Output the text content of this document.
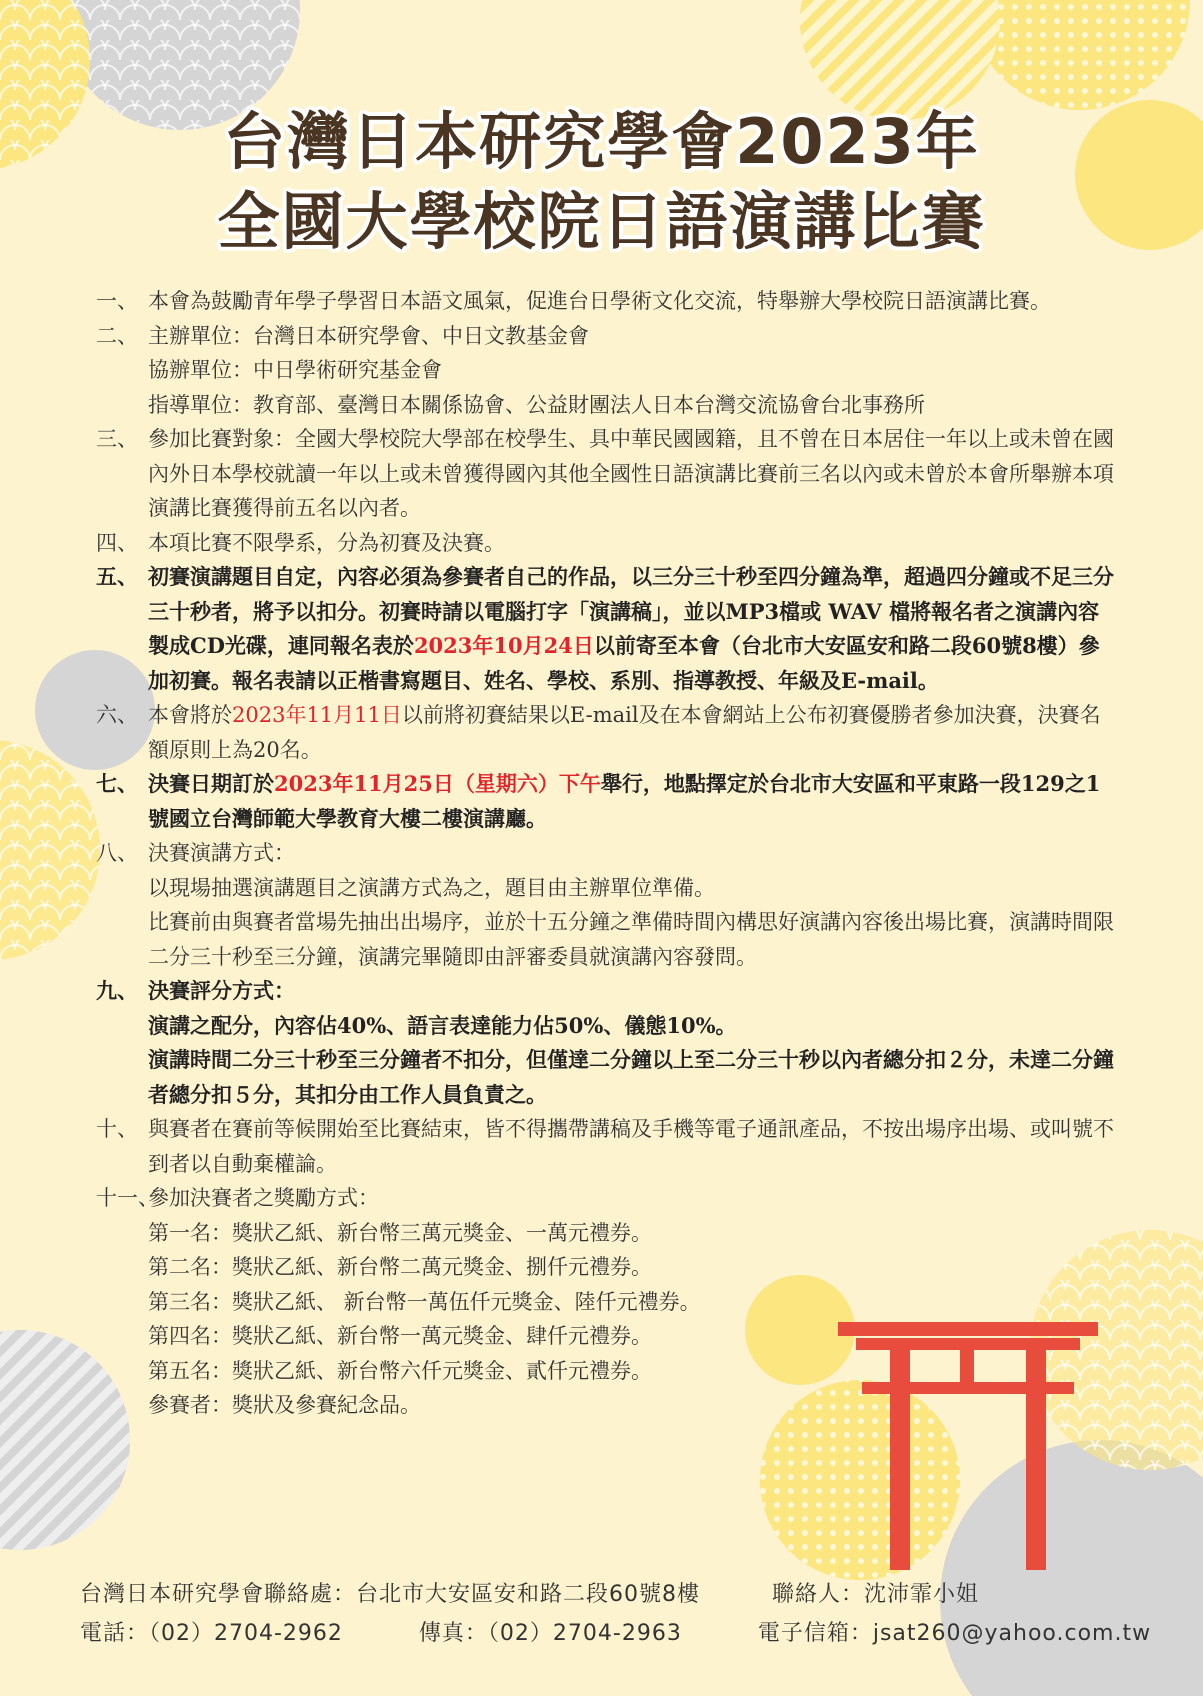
台灣日本研究學會2023年
全國大學校院日語演講比賽
一、 本會為鼓勵青年學子學習日本語文風氣，促進台日學術文化交流，特舉辦大學校院日語演講比賽。
二、 主辦單位：台灣日本研究學會、中日文教基金會
協辦單位：中日學術研究基金會
指導單位：教育部、臺灣日本關係協會、公益財團法人日本台灣交流協會台北事務所
三、 參加比賽對象：全國大學校院大學部在校學生、具中華民國國籍，且不曾在日本居住一年以上或未曾在國內外日本學校就讀一年以上或未曾獲得國內其他全國性日語演講比賽前三名以內或未曾於本會所舉辦本項演講比賽獲得前五名以內者。
四、 本項比賽不限學系，分為初賽及決賽。
五、 初賽演講題目自定，內容必須為參賽者自己的作品，以三分三十秒至四分鐘為準，超過四分鐘或不足三分三十秒者，將予以扣分。初賽時請以電腦打字「演講稿」，並以MP3檔或 WAV 檔將報名者之演講內容製成CD光碟，連同報名表於2023年10月24日以前寄至本會（台北市大安區安和路二段60號8樓）參加初賽。報名表請以正楷書寫題目、姓名、學校、系別、指導教授、年級及E-mail。
六、 本會將於2023年11月11日以前將初賽結果以E-mail及在本會網站上公布初賽優勝者參加決賽，決賽名額原則上為20名。
七、 決賽日期訂於2023年11月25日（星期六）下午舉行，地點擇定於台北市大安區和平東路一段129之1號國立台灣師範大學教育大樓二樓演講廳。
八、 決賽演講方式：
以現場抽選演講題目之演講方式為之，題目由主辦單位準備。
比賽前由與賽者當場先抽出出場序，並於十五分鐘之準備時間內構思好演講內容後出場比賽，演講時間限二分三十秒至三分鐘，演講完畢隨即由評審委員就演講內容發問。
九、 決賽評分方式：
演講之配分，內容佔40%、語言表達能力佔50%、儀態10%。
演講時間二分三十秒至三分鐘者不扣分，但僅達二分鐘以上至二分三十秒以內者總分扣２分，未達二分鐘者總分扣５分，其扣分由工作人員負責之。
十、 與賽者在賽前等候開始至比賽結束，皆不得攜帶講稿及手機等電子通訊產品，不按出場序出場、或叫號不到者以自動棄權論。
十一、
參加決賽者之獎勵方式：
第一名：獎狀乙紙、新台幣三萬元獎金、一萬元禮券。
第二名：獎狀乙紙、新台幣二萬元獎金、捌仟元禮券。
第三名：獎狀乙紙、 新台幣一萬伍仟元獎金、陸仟元禮券。
第四名：獎狀乙紙、新台幣一萬元獎金、肆仟元禮券。
第五名：獎狀乙紙、新台幣六仟元獎金、貳仟元禮券。
參賽者：獎狀及參賽紀念品。
台灣日本研究學會聯絡處：台北市大安區安和路二段60號8樓	聯絡人：沈沛霏小姐
電話：（02）2704-2962	傳真：（02）2704-2963	電子信箱：jsat260@yahoo.com.tw
